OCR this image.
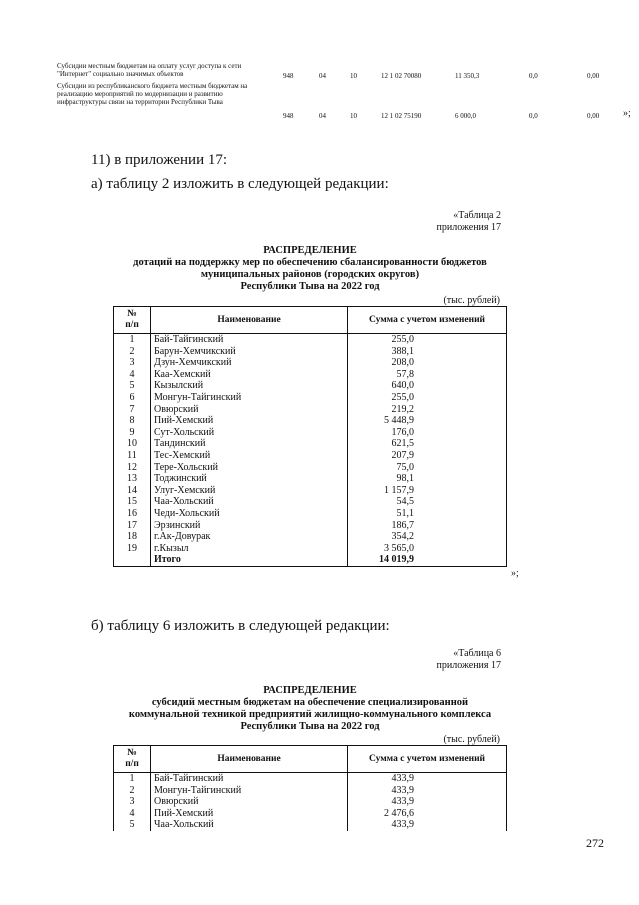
Субсидии местным бюджетам на оплату услуг доступа к сети "Интернет" социально значимых объектов	948	04	10	12 1 02 70080	11 350,3	0,0	0,00
Субсидии из республиканского бюджета местным бюджетам на реализацию мероприятий по модернизации и развитию инфраструктуры связи на территории Республики Тыва
948	04	10	12 1 02 75190	6 000,0	0,0	0,00 »;
11) в приложении 17:
а) таблицу 2 изложить в следующей редакции:
«Таблица 2
приложения 17
РАСПРЕДЕЛЕНИЕ
дотаций на поддержку мер по обеспечению сбалансированности бюджетов
муниципальных районов (городских округов)
Республики Тыва на 2022 год
(тыс. рублей)
№
п/п	Наименование	Сумма с учетом изменений
1	Бай-Тайгинский	255,0
2	Барун-Хемчикский	388,1
3	Дзун-Хемчикский	208,0
4	Каа-Хемский	57,8
5	Кызылский	640,0
6	Монгун-Тайгинский	255,0
7	Овюрский	219,2
8	Пий-Хемский	5 448,9
9	Сут-Хольский	176,0
10	Тандинский	621,5
11	Тес-Хемский	207,9
12	Тере-Хольский	75,0
13	Тоджинский	98,1
14	Улуг-Хемский	1 157,9
15	Чаа-Хольский	54,5
16	Чеди-Хольский	51,1
17	Эрзинский	186,7
18	г.Ак-Довурак	354,2
19	г.Кызыл	3 565,0
	Итого	14 019,9
»;
б) таблицу 6 изложить в следующей редакции:
«Таблица 6
приложения 17
РАСПРЕДЕЛЕНИЕ
субсидий местным бюджетам на обеспечение специализированной
коммунальной техникой предприятий жилищно-коммунального комплекса
Республики Тыва на 2022 год
(тыс. рублей)
№
п/п	Наименование	Сумма с учетом изменений
1	Бай-Тайгинский	433,9
2	Монгун-Тайгинский	433,9
3	Овюрский	433,9
4	Пий-Хемский	2 476,6
5	Чаа-Хольский	433,9
272
